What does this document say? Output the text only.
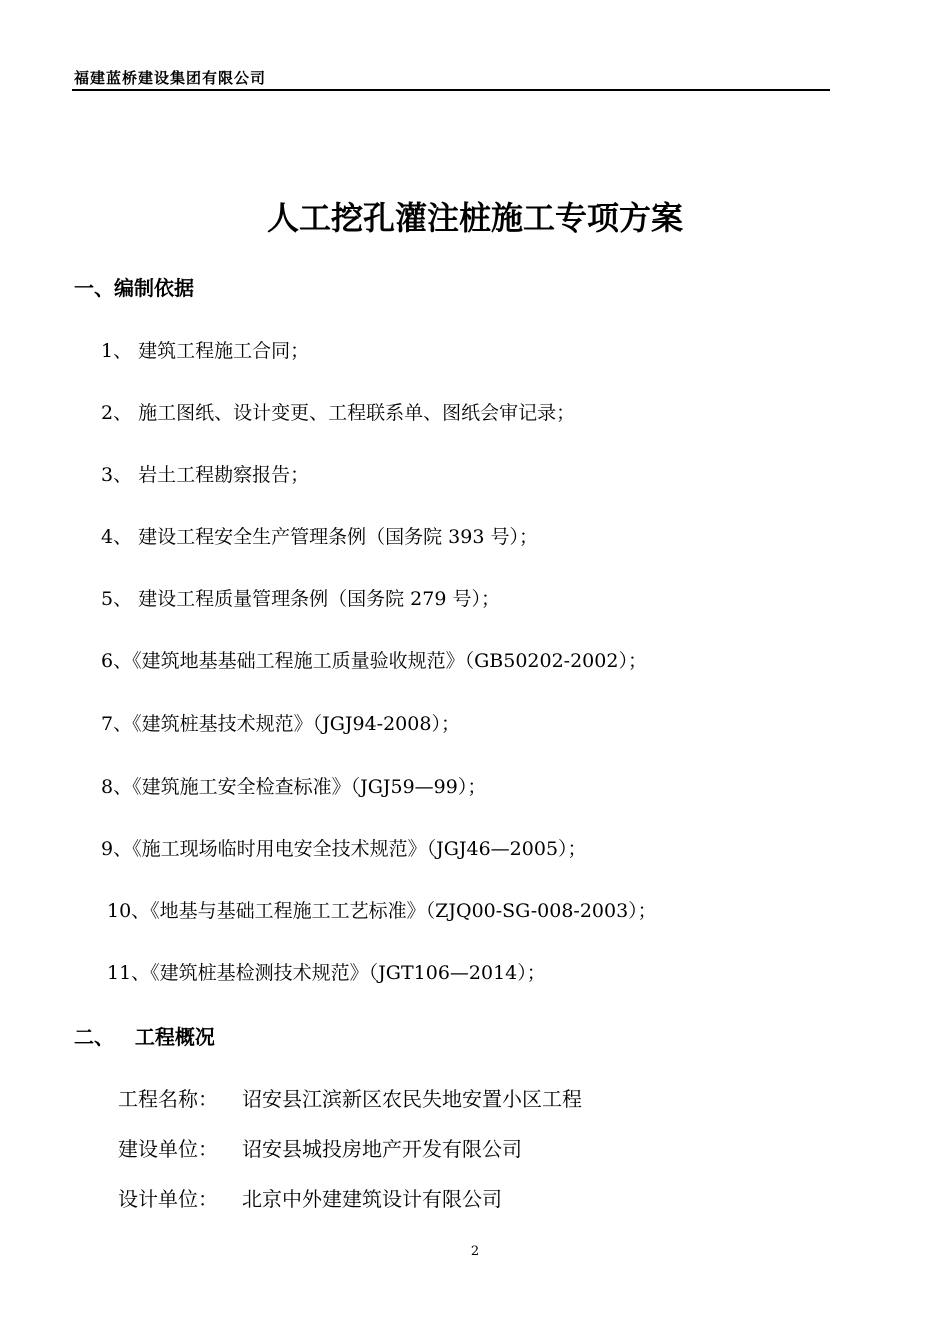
福建蓝桥建设集团有限公司
人工挖孔灌注桩施工专项方案
一、编制依据
1、 建筑工程施工合同；
2、 施工图纸、设计变更、工程联系单、图纸会审记录；
3、 岩土工程勘察报告；
4、 建设工程安全生产管理条例（国务院 393 号）；
5、 建设工程质量管理条例（国务院 279 号）；
6、《建筑地基基础工程施工质量验收规范》（GB50202-2002）；
7、《建筑桩基技术规范》（JGJ94-2008）；
8、《建筑施工安全检查标准》（JGJ59—99）；
9、《施工现场临时用电安全技术规范》（JGJ46—2005）；
10、《地基与基础工程施工工艺标准》（ZJQ00-SG-008-2003）；
11、《建筑桩基检测技术规范》（JGT106—2014）；
二、   工程概况
工程名称： 诏安县江滨新区农民失地安置小区工程
建设单位： 诏安县城投房地产开发有限公司
设计单位： 北京中外建建筑设计有限公司
2
